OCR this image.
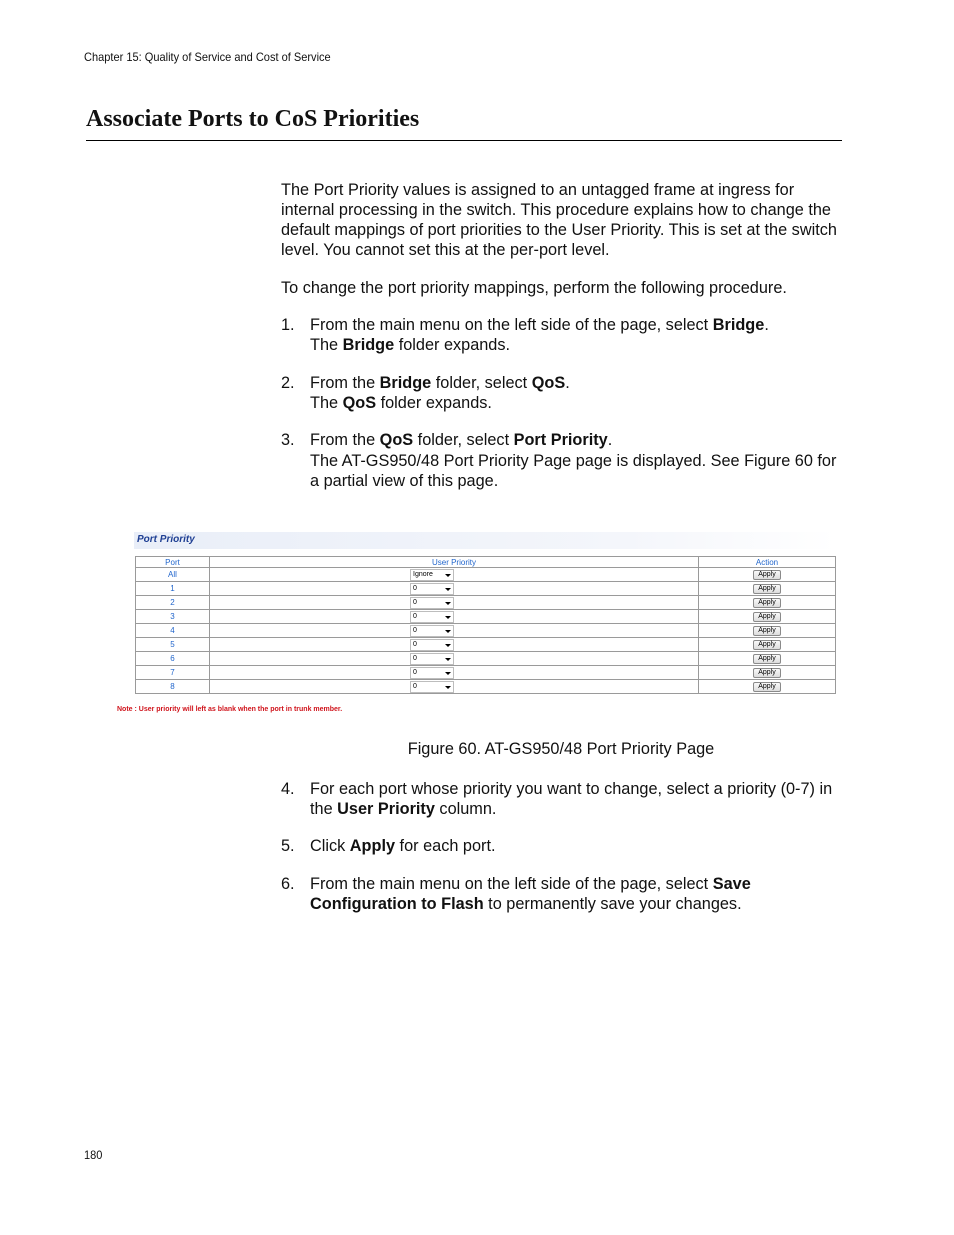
Chapter 15: Quality of Service and Cost of Service
Associate Ports to CoS Priorities

The Port Priority values is assigned to an untagged frame at ingress for internal processing in the switch. This procedure explains how to change the default mappings of port priorities to the User Priority. This is set at the switch level. You cannot set this at the per-port level.

To change the port priority mappings, perform the following procedure.

1. From the main menu on the left side of the page, select Bridge.
The Bridge folder expands.
2. From the Bridge folder, select QoS.
The QoS folder expands.
3. From the QoS folder, select Port Priority.
The AT-GS950/48 Port Priority Page page is displayed. See Figure 60 for a partial view of this page.
Port Priority
Port	User Priority	Action
All	Ignore	Apply
1	0	Apply
2	0	Apply
3	0	Apply
4	0	Apply
5	0	Apply
6	0	Apply
7	0	Apply
8	0	Apply
Note : User priority will left as blank when the port in trunk member.
Figure 60. AT-GS950/48 Port Priority Page
4. For each port whose priority you want to change, select a priority (0-7) in the User Priority column.
5. Click Apply for each port.
6. From the main menu on the left side of the page, select Save Configuration to Flash to permanently save your changes.
180
